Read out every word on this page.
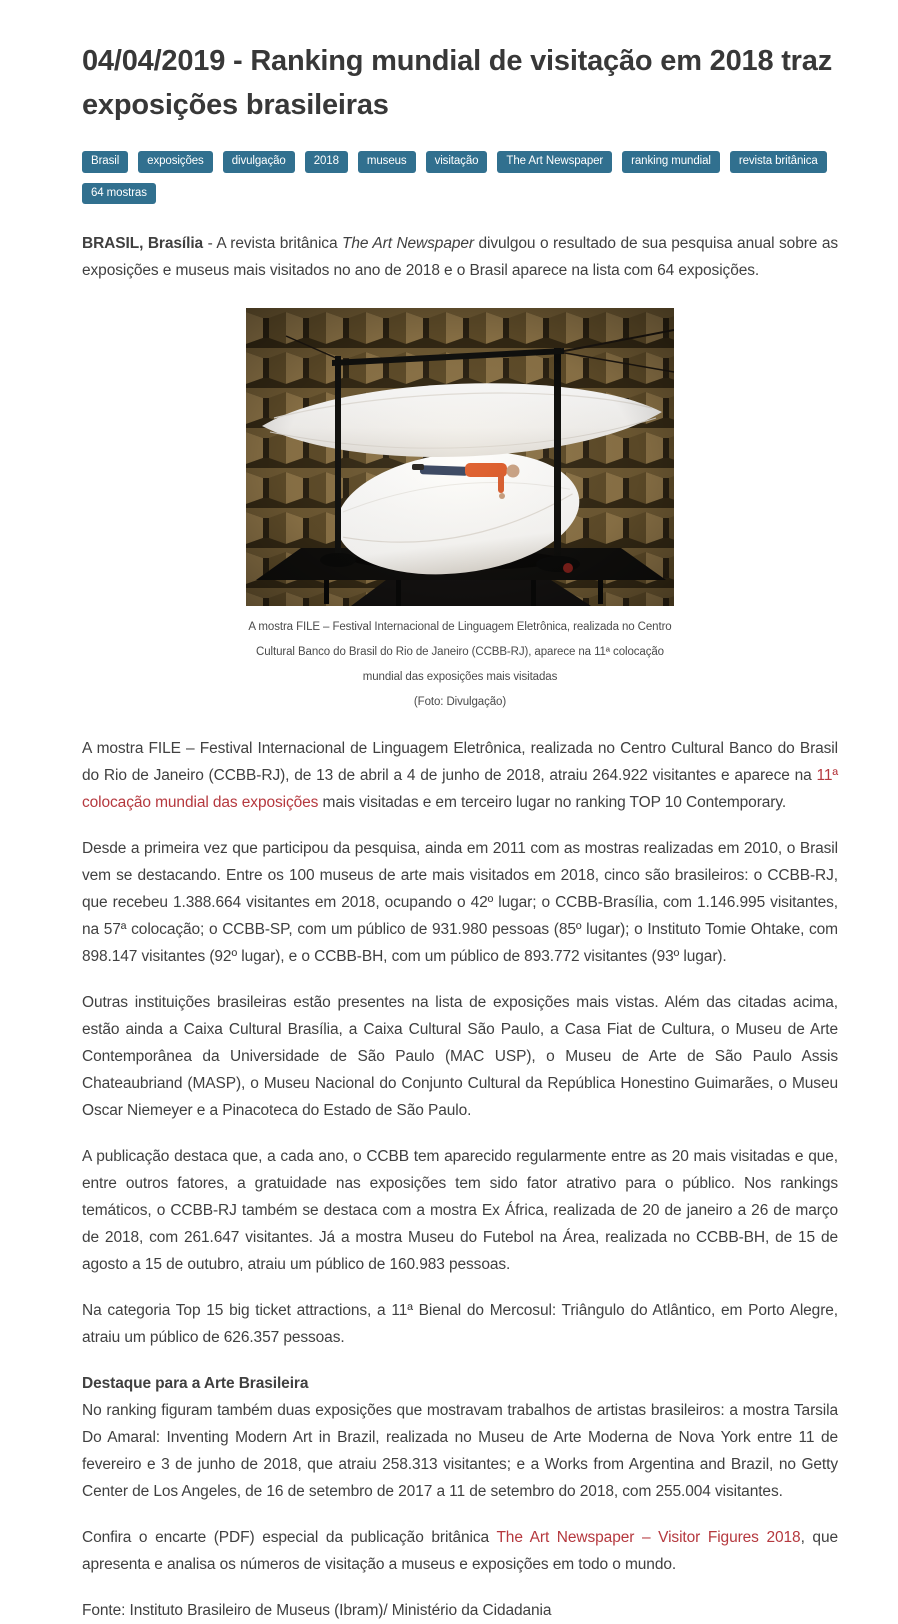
04/04/2019 - Ranking mundial de visitação em 2018 traz exposições brasileiras
Brasil	exposições	divulgação	2018	museus	visitação	The Art Newspaper	ranking mundial	revista britânica
64 mostras

BRASIL, Brasília - A revista britânica The Art Newspaper divulgou o resultado de sua pesquisa anual sobre as exposições e museus mais visitados no ano de 2018 e o Brasil aparece na lista com 64 exposições.

A mostra FILE – Festival Internacional de Linguagem Eletrônica, realizada no Centro Cultural Banco do Brasil do Rio de Janeiro (CCBB-RJ), aparece na 11ª colocação mundial das exposições mais visitadas
(Foto: Divulgação)

A mostra FILE – Festival Internacional de Linguagem Eletrônica, realizada no Centro Cultural Banco do Brasil do Rio de Janeiro (CCBB-RJ), de 13 de abril a 4 de junho de 2018, atraiu 264.922 visitantes e aparece na 11ª colocação mundial das exposições mais visitadas e em terceiro lugar no ranking TOP 10 Contemporary.

Desde a primeira vez que participou da pesquisa, ainda em 2011 com as mostras realizadas em 2010, o Brasil vem se destacando. Entre os 100 museus de arte mais visitados em 2018, cinco são brasileiros: o CCBB-RJ, que recebeu 1.388.664 visitantes em 2018, ocupando o 42º lugar; o CCBB-Brasília, com 1.146.995 visitantes, na 57ª colocação; o CCBB-SP, com um público de 931.980 pessoas (85º lugar); o Instituto Tomie Ohtake, com 898.147 visitantes (92º lugar), e o CCBB-BH, com um público de 893.772 visitantes (93º lugar).

Outras instituições brasileiras estão presentes na lista de exposições mais vistas. Além das citadas acima, estão ainda a Caixa Cultural Brasília, a Caixa Cultural São Paulo, a Casa Fiat de Cultura, o Museu de Arte Contemporânea da Universidade de São Paulo (MAC USP), o Museu de Arte de São Paulo Assis Chateaubriand (MASP), o Museu Nacional do Conjunto Cultural da República Honestino Guimarães, o Museu Oscar Niemeyer e a Pinacoteca do Estado de São Paulo.

A publicação destaca que, a cada ano, o CCBB tem aparecido regularmente entre as 20 mais visitadas e que, entre outros fatores, a gratuidade nas exposições tem sido fator atrativo para o público. Nos rankings temáticos, o CCBB-RJ também se destaca com a mostra Ex África, realizada de 20 de janeiro a 26 de março de 2018, com 261.647 visitantes. Já a mostra Museu do Futebol na Área, realizada no CCBB-BH, de 15 de agosto a 15 de outubro, atraiu um público de 160.983 pessoas.

Na categoria Top 15 big ticket attractions, a 11ª Bienal do Mercosul: Triângulo do Atlântico, em Porto Alegre, atraiu um público de 626.357 pessoas.

Destaque para a Arte Brasileira

No ranking figuram também duas exposições que mostravam trabalhos de artistas brasileiros: a mostra Tarsila Do Amaral: Inventing Modern Art in Brazil, realizada no Museu de Arte Moderna de Nova York entre 11 de fevereiro e 3 de junho de 2018, que atraiu 258.313 visitantes; e a Works from Argentina and Brazil, no Getty Center de Los Angeles, de 16 de setembro de 2017 a 11 de setembro do 2018, com 255.004 visitantes.

Confira o encarte (PDF) especial da publicação britânica The Art Newspaper – Visitor Figures 2018, que apresenta e analisa os números de visitação a museus e exposições em todo o mundo.

Fonte: Instituto Brasileiro de Museus (Ibram)/ Ministério da Cidadania
